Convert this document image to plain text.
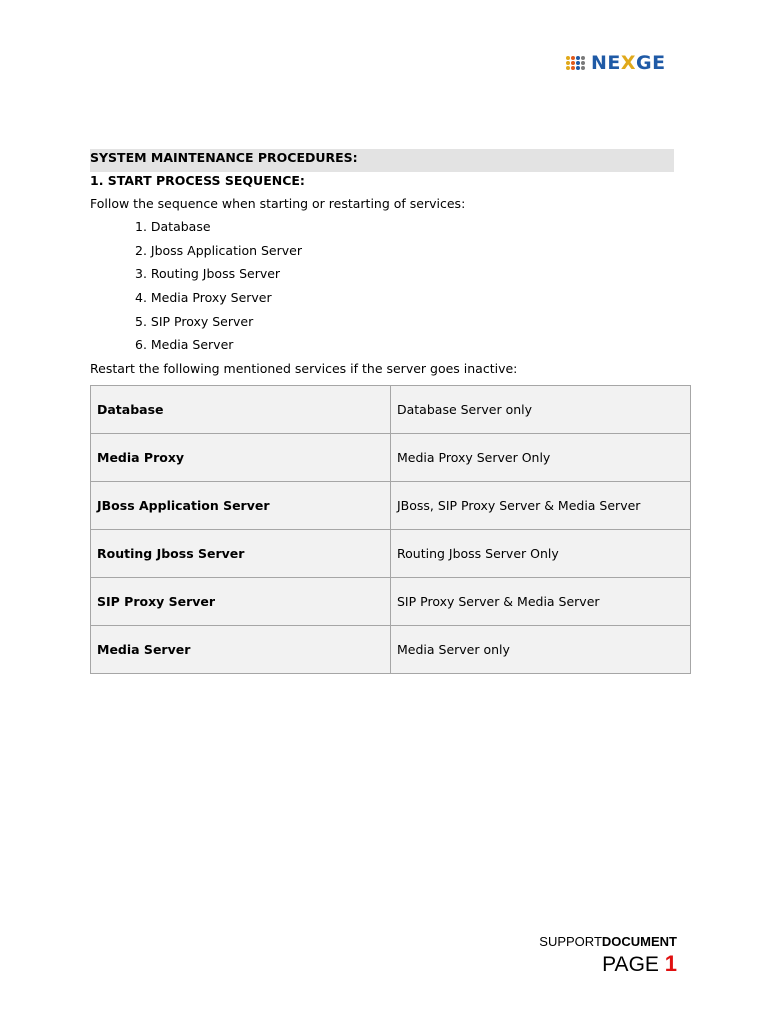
NEXGE
SYSTEM MAINTENANCE PROCEDURES:
1. START PROCESS SEQUENCE:
Follow the sequence when starting or restarting of services:
1. Database
2. Jboss Application Server
3. Routing Jboss Server
4. Media Proxy Server
5. SIP Proxy Server
6. Media Server
Restart the following mentioned services if the server goes inactive:
Database	Database Server only
Media Proxy	Media Proxy Server Only
JBoss Application Server	JBoss, SIP Proxy Server & Media Server
Routing Jboss Server	Routing Jboss Server Only
SIP Proxy Server	SIP Proxy Server & Media Server
Media Server	Media Server only
SUPPORTDOCUMENT
PAGE 1
